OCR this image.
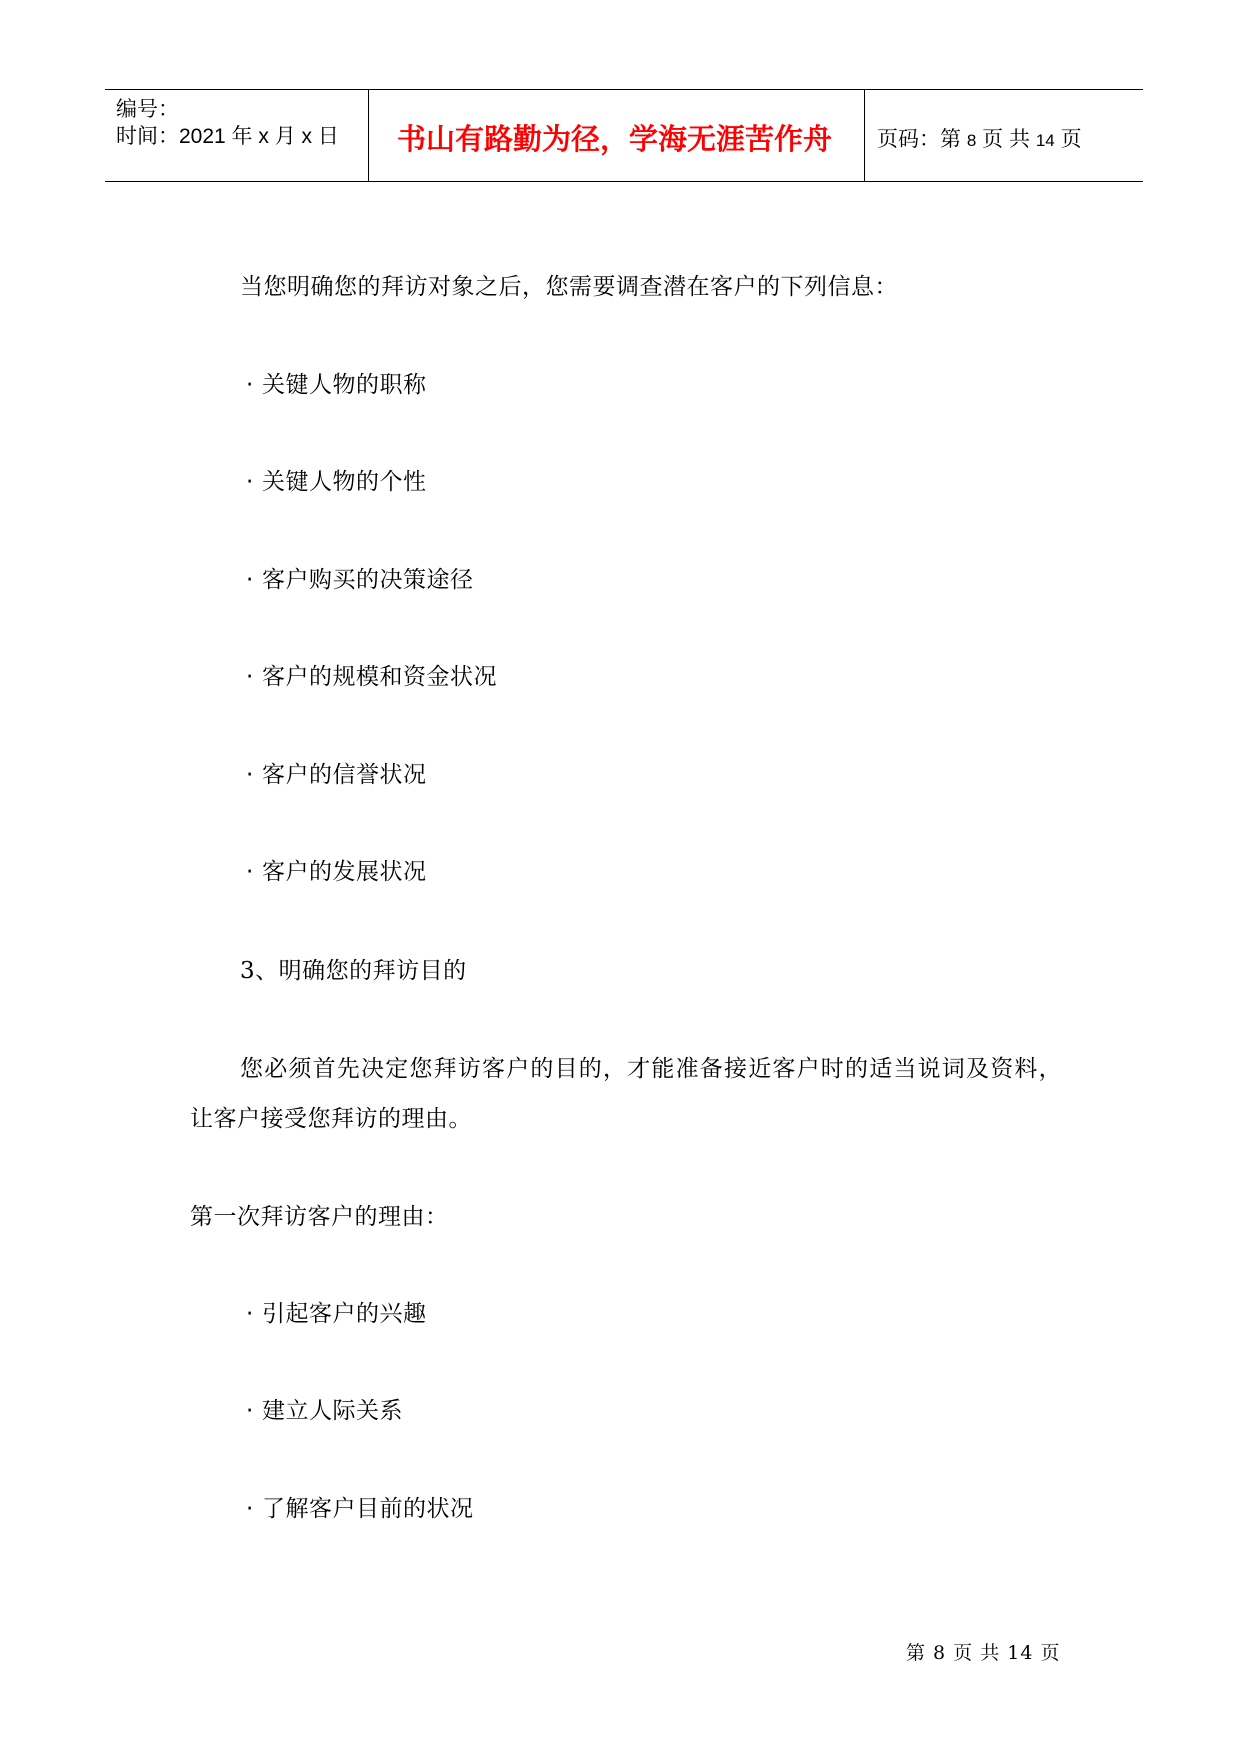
编号：
时间：2021 年 x 月 x 日 书山有路勤为径，学海无涯苦作舟 页码：第 8 页 共 14 页
当您明确您的拜访对象之后，您需要调查潜在客户的下列信息：
· 关键人物的职称
· 关键人物的个性
· 客户购买的决策途径
· 客户的规模和资金状况
· 客户的信誉状况
· 客户的发展状况
3、明确您的拜访目的
您必须首先决定您拜访客户的目的，才能准备接近客户时的适当说词及资料，
让客户接受您拜访的理由。
第一次拜访客户的理由：
· 引起客户的兴趣
· 建立人际关系
· 了解客户目前的状况
第 8 页 共 14 页
